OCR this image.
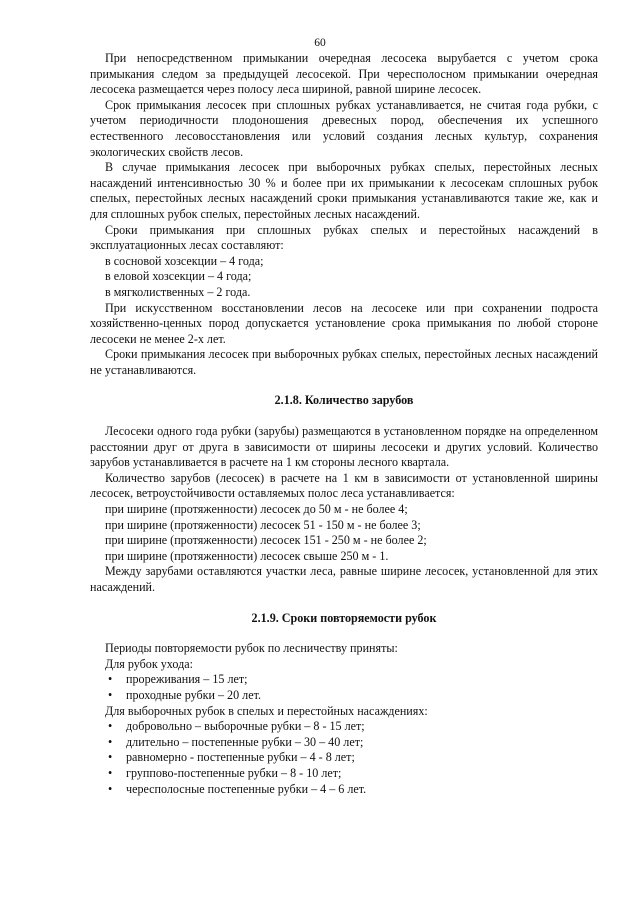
60

При непосредственном примыкании очередная лесосека вырубается с учетом срока примыкания следом за предыдущей лесосекой. При чересполосном примыкании очередная лесосека размещается через полосу леса шириной, равной ширине лесосек.

Срок примыкания лесосек при сплошных рубках устанавливается, не считая года рубки, с учетом периодичности плодоношения древесных пород, обеспечения их успешного естественного лесовосстановления или условий создания лесных культур, сохранения экологических свойств лесов.

В случае примыкания лесосек при выборочных рубках спелых, перестойных лесных насаждений интенсивностью 30 % и более при их примыкании к лесосекам сплошных рубок спелых, перестойных лесных насаждений сроки примыкания устанавливаются такие же, как и для сплошных рубок спелых, перестойных лесных насаждений.

Сроки примыкания при сплошных рубках спелых и перестойных насаждений в эксплуатационных лесах составляют:

в сосновой хозсекции – 4 года;

в еловой хозсекции – 4 года;

в мягколиственных – 2 года.

При искусственном восстановлении лесов на лесосеке или при сохранении подроста хозяйственно-ценных пород допускается установление срока примыкания по любой стороне лесосеки не менее 2-х лет.

Сроки примыкания лесосек при выборочных рубках спелых, перестойных лесных насаждений не устанавливаются.

2.1.8. Количество зарубов

Лесосеки одного года рубки (зарубы) размещаются в установленном порядке на определенном расстоянии друг от друга в зависимости от ширины лесосеки и других условий. Количество зарубов устанавливается в расчете на 1 км стороны лесного квартала.

Количество зарубов (лесосек) в расчете на 1 км в зависимости от установленной ширины лесосек, ветроустойчивости оставляемых полос леса устанавливается:

при ширине (протяженности) лесосек до 50 м - не более 4;

при ширине (протяженности) лесосек 51 - 150 м - не более 3;

при ширине (протяженности) лесосек 151 - 250 м - не более 2;

при ширине (протяженности) лесосек свыше 250 м - 1.

Между зарубами оставляются участки леса, равные ширине лесосек, установленной для этих насаждений.

2.1.9. Сроки повторяемости рубок

Периоды повторяемости рубок по лесничеству приняты:

Для рубок ухода:

• прореживания – 15 лет;
• проходные рубки – 20 лет.

Для выборочных рубок в спелых и перестойных насаждениях:

• добровольно – выборочные рубки – 8 - 15 лет;
• длительно – постепенные рубки – 30 – 40 лет;
• равномерно - постепенные рубки – 4 - 8 лет;
• группово-постепенные рубки – 8 - 10 лет;
• чересполосные постепенные рубки – 4 – 6 лет.
